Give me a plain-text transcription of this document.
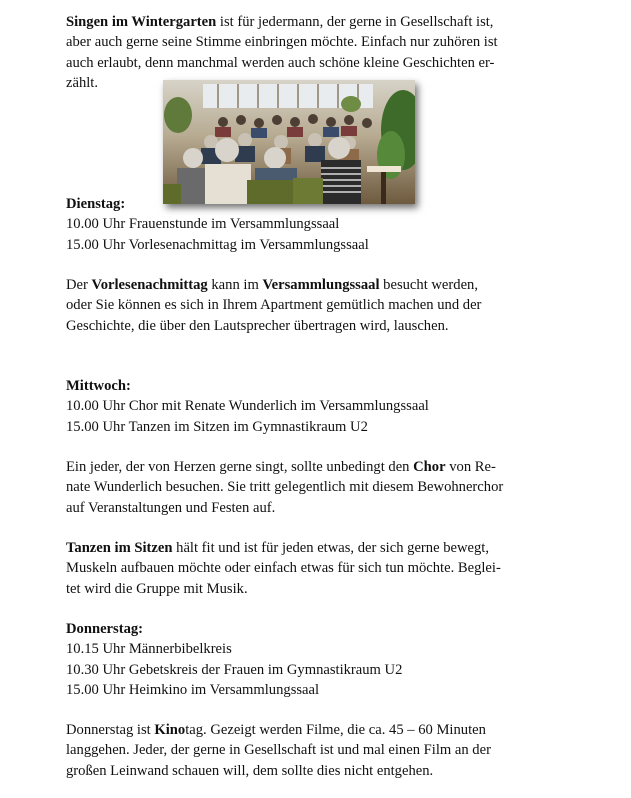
Singen im Wintergarten ist für jedermann, der gerne in Gesellschaft ist,

aber auch gerne seine Stimme einbringen möchte. Einfach nur zuhören ist

auch erlaubt, denn manchmal werden auch schöne kleine Geschichten er-

zählt.

Dienstag:

10.00 Uhr Frauenstunde im Versammlungssaal

15.00 Uhr Vorlesenachmittag im Versammlungssaal

Der Vorlesenachmittag kann im Versammlungssaal besucht werden,

oder Sie können es sich in Ihrem Apartment gemütlich machen und der

Geschichte, die über den Lautsprecher übertragen wird, lauschen.

Mittwoch:

10.00 Uhr Chor mit Renate Wunderlich im Versammlungssaal

15.00 Uhr Tanzen im Sitzen im Gymnastikraum U2

Ein jeder, der von Herzen gerne singt, sollte unbedingt den Chor von Re-

nate Wunderlich besuchen. Sie tritt gelegentlich mit diesem Bewohnerchor

auf Veranstaltungen und Festen auf.

Tanzen im Sitzen hält fit und ist für jeden etwas, der sich gerne bewegt,

Muskeln aufbauen möchte oder einfach etwas für sich tun möchte. Beglei-

tet wird die Gruppe mit Musik.

Donnerstag:

10.15 Uhr Männerbibelkreis

10.30 Uhr Gebetskreis der Frauen im Gymnastikraum U2

15.00 Uhr Heimkino im Versammlungssaal

Donnerstag ist Kinotag. Gezeigt werden Filme, die ca. 45 – 60 Minuten

langgehen. Jeder, der gerne in Gesellschaft ist und mal einen Film an der

großen Leinwand schauen will, dem sollte dies nicht entgehen.
